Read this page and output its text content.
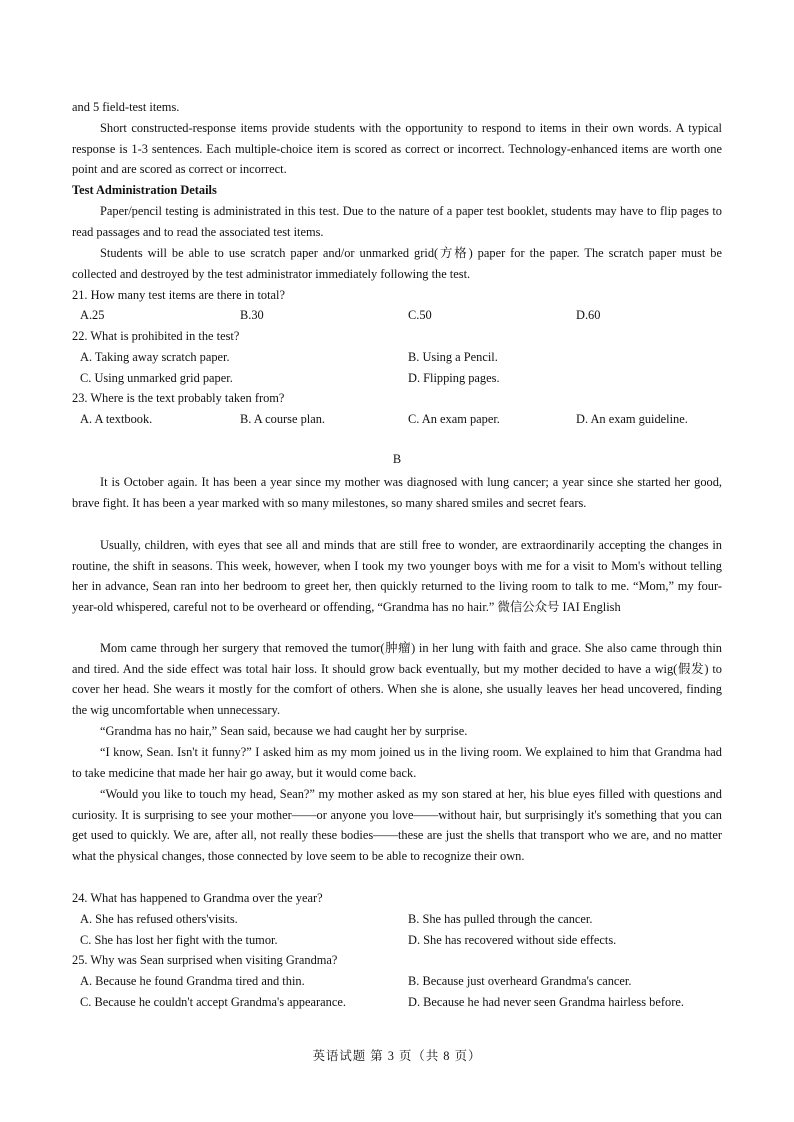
and 5 field-test items.

Short constructed-response items provide students with the opportunity to respond to items in their own words. A typical response is 1-3 sentences. Each multiple-choice item is scored as correct or incorrect. Technology-enhanced items are worth one point and are scored as correct or incorrect.

Test Administration Details

Paper/pencil testing is administrated in this test. Due to the nature of a paper test booklet, students may have to flip pages to read passages and to read the associated test items.

Students will be able to use scratch paper and/or unmarked grid(方格) paper for the paper. The scratch paper must be collected and destroyed by the test administrator immediately following the test.

21. How many test items are there in total?
A.25	B.30	C.50	D.60
22. What is prohibited in the test?
A. Taking away scratch paper.	B. Using a Pencil.
C. Using unmarked grid paper.	D. Flipping pages.
23. Where is the text probably taken from?
A. A textbook.	B. A course plan.	C. An exam paper.	D. An exam guideline.
B

It is October again. It has been a year since my mother was diagnosed with lung cancer; a year since she started her good, brave fight. It has been a year marked with so many milestones, so many shared smiles and secret fears.

Usually, children, with eyes that see all and minds that are still free to wonder, are extraordinarily accepting the changes in routine, the shift in seasons. This week, however, when I took my two younger boys with me for a visit to Mom's without telling her in advance, Sean ran into her bedroom to greet her, then quickly returned to the living room to talk to me. “Mom,” my four-year-old whispered, careful not to be overheard or offending, “Grandma has no hair.” 微信公众号 IAI English

Mom came through her surgery that removed the tumor(肿瘤) in her lung with faith and grace. She also came through thin and tired. And the side effect was total hair loss. It should grow back eventually, but my mother decided to have a wig(假发) to cover her head. She wears it mostly for the comfort of others. When she is alone, she usually leaves her head uncovered, finding the wig uncomfortable when unnecessary.

“Grandma has no hair,” Sean said, because we had caught her by surprise.

“I know, Sean. Isn't it funny?” I asked him as my mom joined us in the living room. We explained to him that Grandma had to take medicine that made her hair go away, but it would come back.

“Would you like to touch my head, Sean?” my mother asked as my son stared at her, his blue eyes filled with questions and curiosity. It is surprising to see your mother——or anyone you love——without hair, but surprisingly it's something that you can get used to quickly. We are, after all, not really these bodies——these are just the shells that transport who we are, and no matter what the physical changes, those connected by love seem to be able to recognize their own.

24. What has happened to Grandma over the year?
A. She has refused others'visits.	B. She has pulled through the cancer.
C. She has lost her fight with the tumor.	D. She has recovered without side effects.
25. Why was Sean surprised when visiting Grandma?
A. Because he found Grandma tired and thin.	B. Because just overheard Grandma's cancer.
C. Because he couldn't accept Grandma's appearance.	D. Because he had never seen Grandma hairless before.
英语试题 第 3 页（共 8 页）
